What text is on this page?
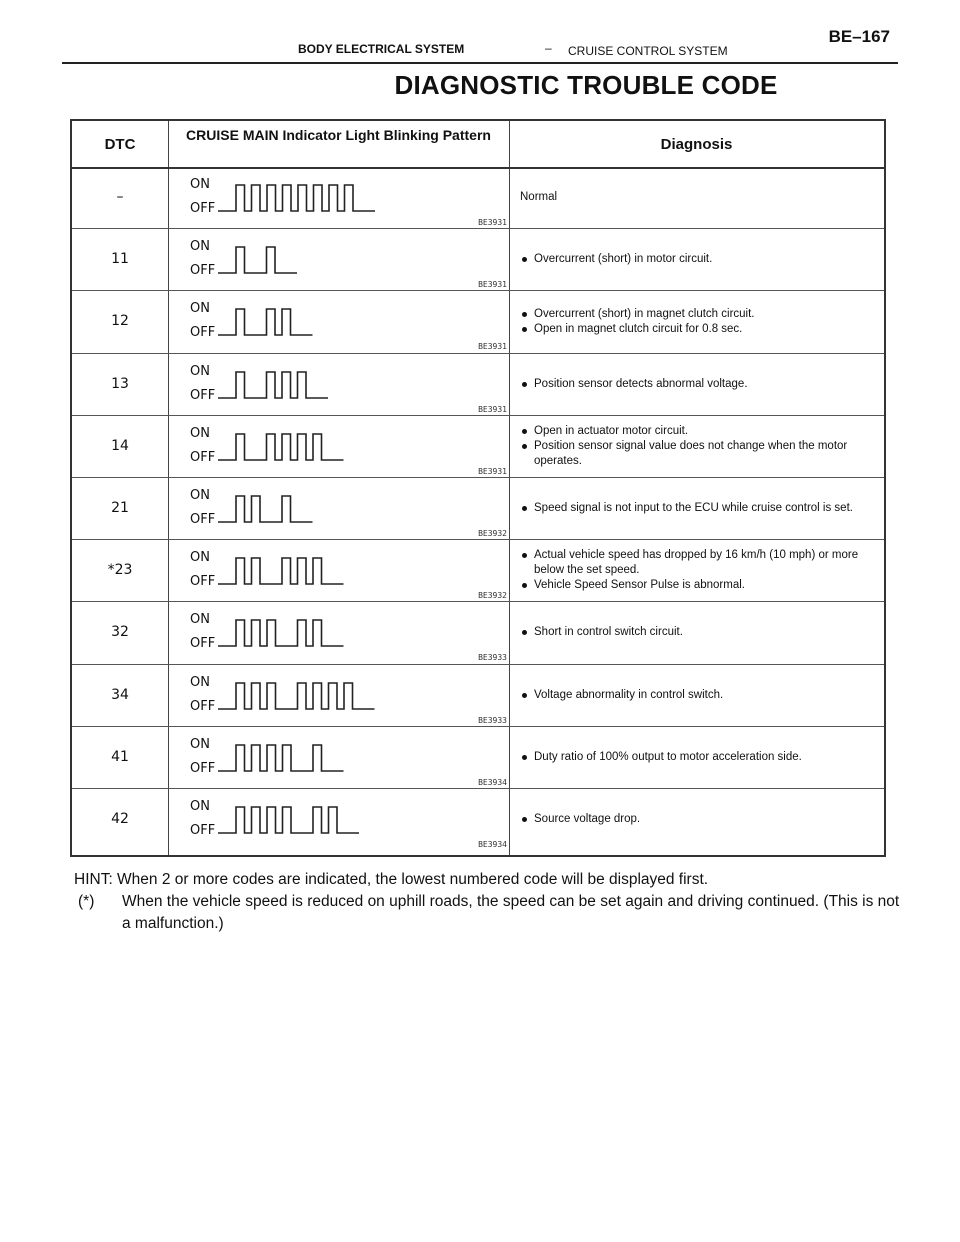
BODY ELECTRICAL SYSTEM	– CRUISE CONTROL SYSTEM
BE–167
DIAGNOSTIC TROUBLE CODE
DTC
CRUISE MAIN Indicator Light Blinking Pattern
Diagnosis
–
ON
OFF
BE3931
Normal
11
ON
OFF
BE3931
Overcurrent (short) in motor circuit.
12
ON
OFF
BE3931
Overcurrent (short) in magnet clutch circuit.
Open in magnet clutch circuit for 0.8 sec.
13
ON
OFF
BE3931
Position sensor detects abnormal voltage.
14
ON
OFF
BE3931
Open in actuator motor circuit.
Position sensor signal value does not change when the motor operates.
21
ON
OFF
BE3932
Speed signal is not input to the ECU while cruise control is set.
*23
ON
OFF
BE3932
Actual vehicle speed has dropped by 16 km/h (10 mph) or more below the set speed.
Vehicle Speed Sensor Pulse is abnormal.
32
ON
OFF
BE3933
Short in control switch circuit.
34
ON
OFF
BE3933
Voltage abnormality in control switch.
41
ON
OFF
BE3934
Duty ratio of 100% output to motor acceleration side.
42
ON
OFF
BE3934
Source voltage drop.
HINT: When 2 or more codes are indicated, the lowest numbered code will be displayed first.
(*) When the vehicle speed is reduced on uphill roads, the speed can be set again and driving continued. (This is not a malfunction.)
